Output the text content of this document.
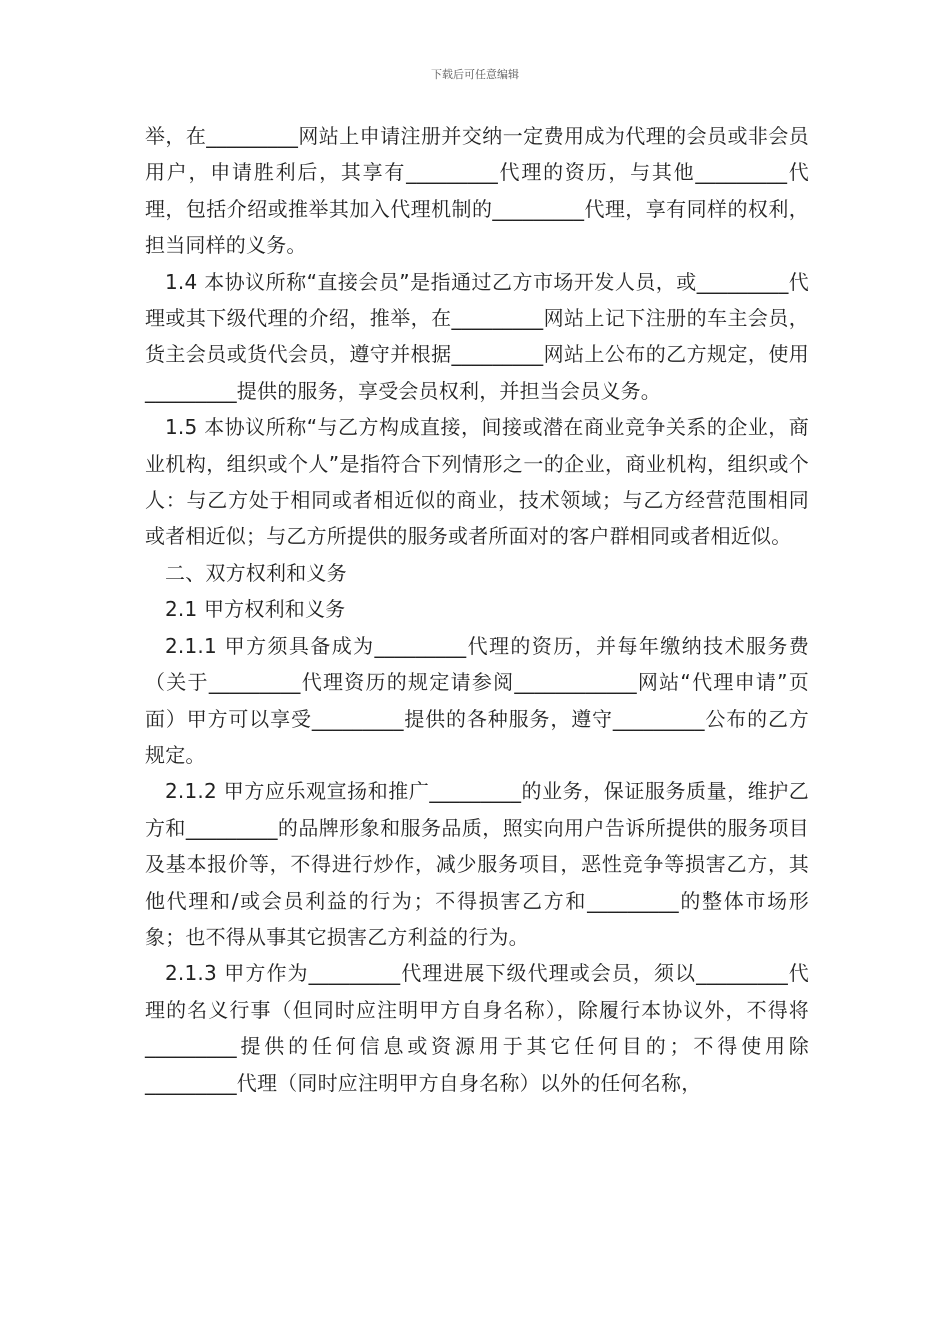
下载后可任意编辑

举，在_________网站上申请注册并交纳一定费用成为代理的会员或非会员用户，申请胜利后，其享有_________代理的资历，与其他_________代理，包括介绍或推举其加入代理机制的_________代理，享有同样的权利，担当同样的义务。

1.4 本协议所称“直接会员”是指通过乙方市场开发人员，或_________代理或其下级代理的介绍，推举，在_________网站上记下注册的车主会员，货主会员或货代会员，遵守并根据_________网站上公布的乙方规定，使用_________提供的服务，享受会员权利，并担当会员义务。

1.5 本协议所称“与乙方构成直接，间接或潜在商业竞争关系的企业，商业机构，组织或个人”是指符合下列情形之一的企业，商业机构，组织或个人：与乙方处于相同或者相近似的商业，技术领域；与乙方经营范围相同或者相近似；与乙方所提供的服务或者所面对的客户群相同或者相近似。

二、双方权利和义务

2.1 甲方权利和义务

2.1.1 甲方须具备成为_________代理的资历，并每年缴纳技术服务费（关于_________代理资历的规定请参阅____________网站“代理申请”页面）甲方可以享受_________提供的各种服务，遵守_________公布的乙方规定。

2.1.2 甲方应乐观宣扬和推广_________的业务，保证服务质量，维护乙方和_________的品牌形象和服务品质，照实向用户告诉所提供的服务项目及基本报价等，不得进行炒作，减少服务项目，恶性竞争等损害乙方，其他代理和/或会员利益的行为；不得损害乙方和_________的整体市场形象；也不得从事其它损害乙方利益的行为。

2.1.3 甲方作为_________代理进展下级代理或会员，须以_________代理的名义行事（但同时应注明甲方自身名称），除履行本协议外，不得将_________提供的任何信息或资源用于其它任何目的；不得使用除_________代理（同时应注明甲方自身名称）以外的任何名称，
